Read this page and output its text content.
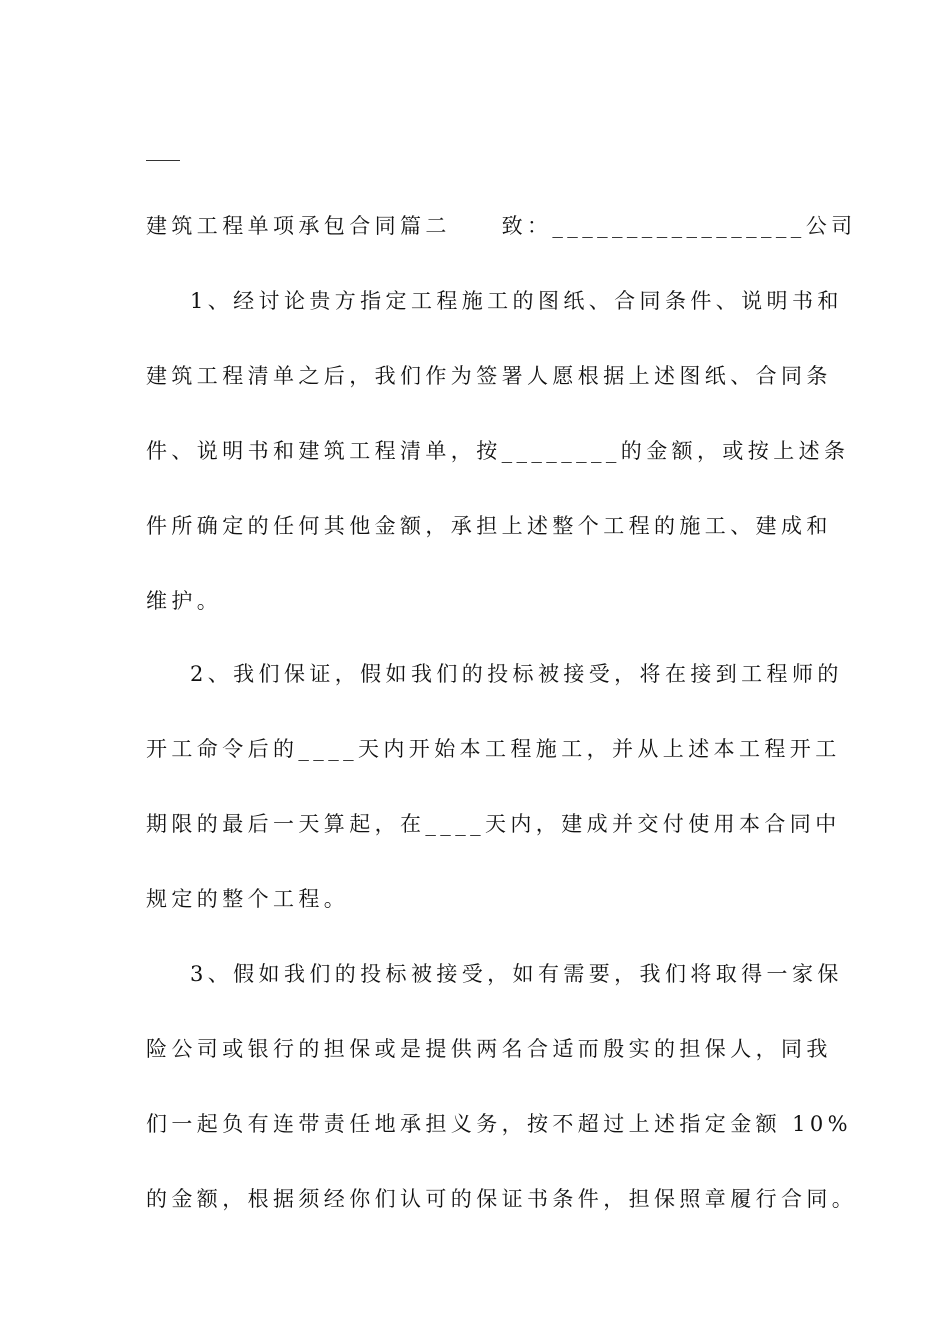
建筑工程单项承包合同篇二　　致：_________________公司
1、经讨论贵方指定工程施工的图纸、合同条件、说明书和
建筑工程清单之后，我们作为签署人愿根据上述图纸、合同条
件、说明书和建筑工程清单，按________的金额，或按上述条
件所确定的任何其他金额，承担上述整个工程的施工、建成和
维护。
2、我们保证，假如我们的投标被接受，将在接到工程师的
开工命令后的____天内开始本工程施工，并从上述本工程开工
期限的最后一天算起，在____天内，建成并交付使用本合同中
规定的整个工程。
3、假如我们的投标被接受，如有需要，我们将取得一家保
险公司或银行的担保或是提供两名合适而殷实的担保人，同我
们一起负有连带责任地承担义务，按不超过上述指定金额 10%
的金额，根据须经你们认可的保证书条件，担保照章履行合同。
